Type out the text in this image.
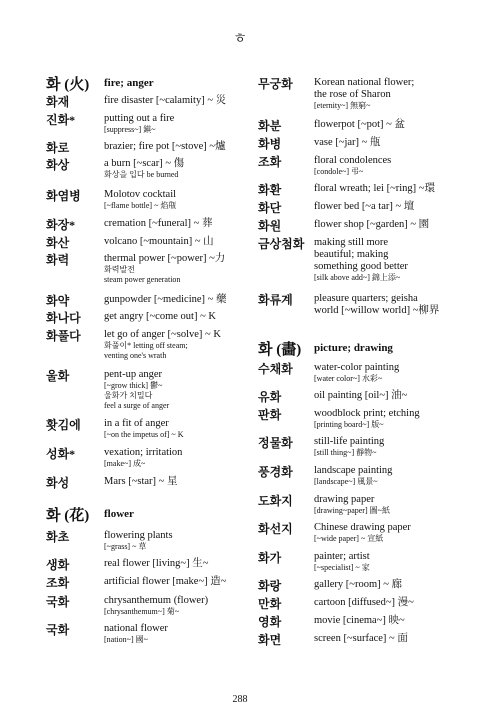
ㅎ
화 (火) fire; anger
화재	fire disaster [~calamity] ~ 災
진화*	putting out a fire
[suppress~] 鎭~
화로	brazier; fire pot [~stove] ~爐
화상	a burn [~scar] ~ 傷
화상을 입다 be burned
화염병 Molotov cocktail
[~flame bottle] ~ 焰甁
화장*	cremation [~funeral] ~ 葬
화산	volcano [~mountain] ~ 山
화력	thermal power [~power] ~力
화력발전
steam power generation
화약	gunpowder [~medicine] ~ 藥
화나다 get angry [~come out] ~ K
화풀다 let go of anger [~solve] ~ K
화풀이* letting off steam;
venting one's wrath
울화	pent-up anger
[~grow thick] 鬱~
울화가 치밀다
feel a surge of anger
홧김에 in a fit of anger
[~on the impetus of] ~ K
성화*	vexation; irritation
[make~] 成~
화성	Mars [~star] ~ 星
화 (花) flower
화초	flowering plants
[~grass] ~ 草
생화	real flower [living~] 生~
조화	artificial flower [make~] 造~
국화	chrysanthemum (flower)
[chrysanthemum~] 菊~
국화	national flower
[nation~] 國~
무궁화 Korean national flower;
the rose of Sharon
[eternity~] 無窮~
화분	flowerpot [~pot] ~ 盆
화병	vase [~jar] ~ 甁
조화	floral condolences
[condole~] 弔~
화환	floral wreath; lei [~ring] ~環
화단	flower bed [~a tar] ~ 壇
화원	flower shop [~garden] ~ 園
금상첨화 making still more
beautiful; making
something good better
[silk above add~] 錦上添~
화류계 pleasure quarters; geisha
world [~willow world] ~柳界
화 (畵) picture; drawing
수채화 water-color painting
[water color~] 水彩~
유화	oil painting [oil~] 油~
판화	woodblock print; etching
[printing board~] 版~
정물화 still-life painting
[still thing~] 靜物~
풍경화 landscape painting
[landscape~] 風景~
도화지 drawing paper
[drawing~paper] 圖~紙
화선지 Chinese drawing paper
[~wide paper] ~ 宣紙
화가	painter; artist
[~specialist] ~ 家
화랑	gallery [~room] ~ 廊
만화	cartoon [diffused~] 漫~
영화	movie [cinema~] 映~
화면	screen [~surface] ~ 面
288
